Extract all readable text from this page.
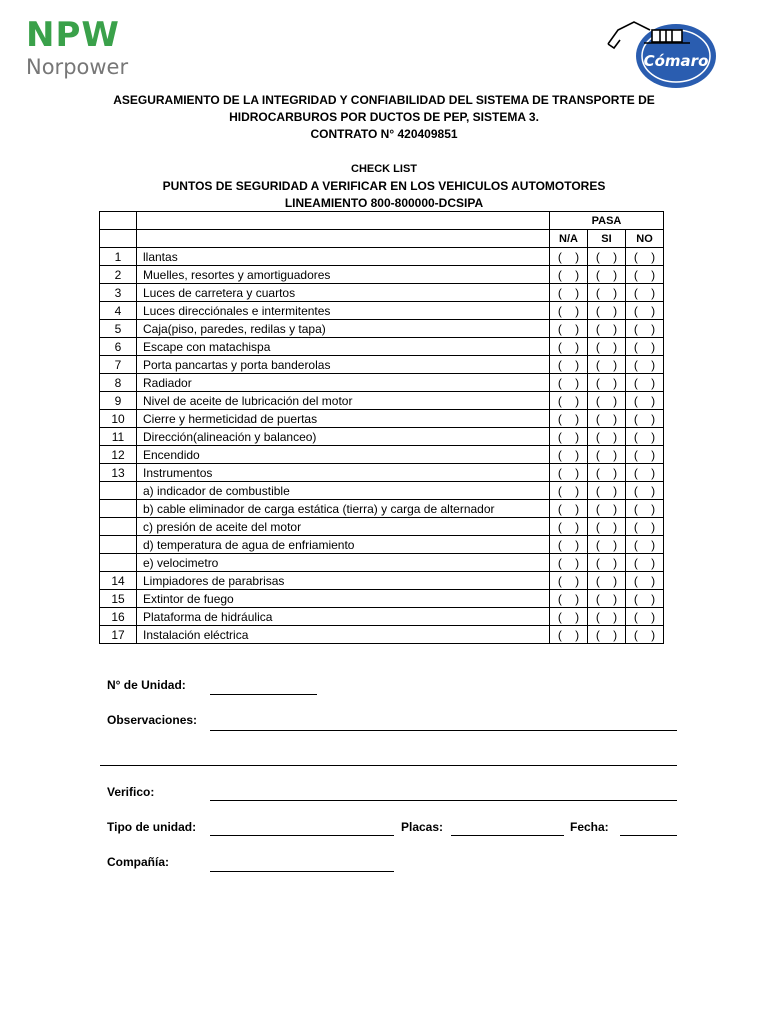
NPW
Norpower	Cómaro
ASEGURAMIENTO DE LA INTEGRIDAD Y CONFIABILIDAD DEL SISTEMA DE TRANSPORTE DE
HIDROCARBUROS POR DUCTOS DE PEP, SISTEMA 3.
CONTRATO N° 420409851
CHECK LIST
PUNTOS DE SEGURIDAD A VERIFICAR EN LOS VEHICULOS AUTOMOTORES
LINEAMIENTO 800-800000-DCSIPA
		PASA		
		N/A	SI	NO
1	llantas	(    )	(    )	(    )
2	Muelles, resortes y amortiguadores	(    )	(    )	(    )
3	Luces de carretera y cuartos	(    )	(    )	(    )
4	Luces direcciónales e intermitentes	(    )	(    )	(    )
5	Caja(piso, paredes, redilas y tapa)	(    )	(    )	(    )
6	Escape con matachispa	(    )	(    )	(    )
7	Porta pancartas y porta banderolas	(    )	(    )	(    )
8	Radiador	(    )	(    )	(    )
9	Nivel de aceite de lubricación del motor	(    )	(    )	(    )
10	Cierre y hermeticidad de puertas	(    )	(    )	(    )
11	Dirección(alineación y balanceo)	(    )	(    )	(    )
12	Encendido	(    )	(    )	(    )
13	Instrumentos	(    )	(    )	(    )
	a) indicador de combustible	(    )	(    )	(    )
	b) cable eliminador de carga estática (tierra) y carga de alternador	(    )	(    )	(    )
	c) presión de aceite del motor	(    )	(    )	(    )
	d) temperatura de agua de enfriamiento	(    )	(    )	(    )
	e) velocimetro	(    )	(    )	(    )
14	Limpiadores de parabrisas	(    )	(    )	(    )
15	Extintor de fuego	(    )	(    )	(    )
16	Plataforma de hidráulica	(    )	(    )	(    )
17	Instalación eléctrica	(    )	(    )	(    )
N° de Unidad:
Observaciones:
Verifico:
Tipo de unidad:	Placas:	Fecha:
Compañía:
